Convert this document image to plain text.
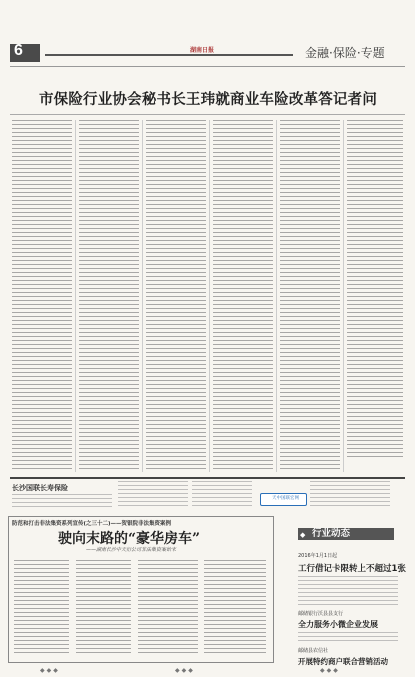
6	湖南日报	金融·保险·专题
市保险行业协会秘书长王玮就商业车险改革答记者问
长沙国联长寿保险
天中国联宏网
防范和打击非法集资系列宣传(之三十二)——贺银院非法集资案例
驶向末路的“豪华房车”
——湖南长沙中天衍公司非法集资案始末
◆ 行业动态
2016年1月1日起
工行借记卡限转上不超过1张
邮储银行沃县县支行
全力服务小微企业发展
邮储县农信社
开展特约商户联合营销活动
◆◆◆	◆◆◆	◆◆◆
